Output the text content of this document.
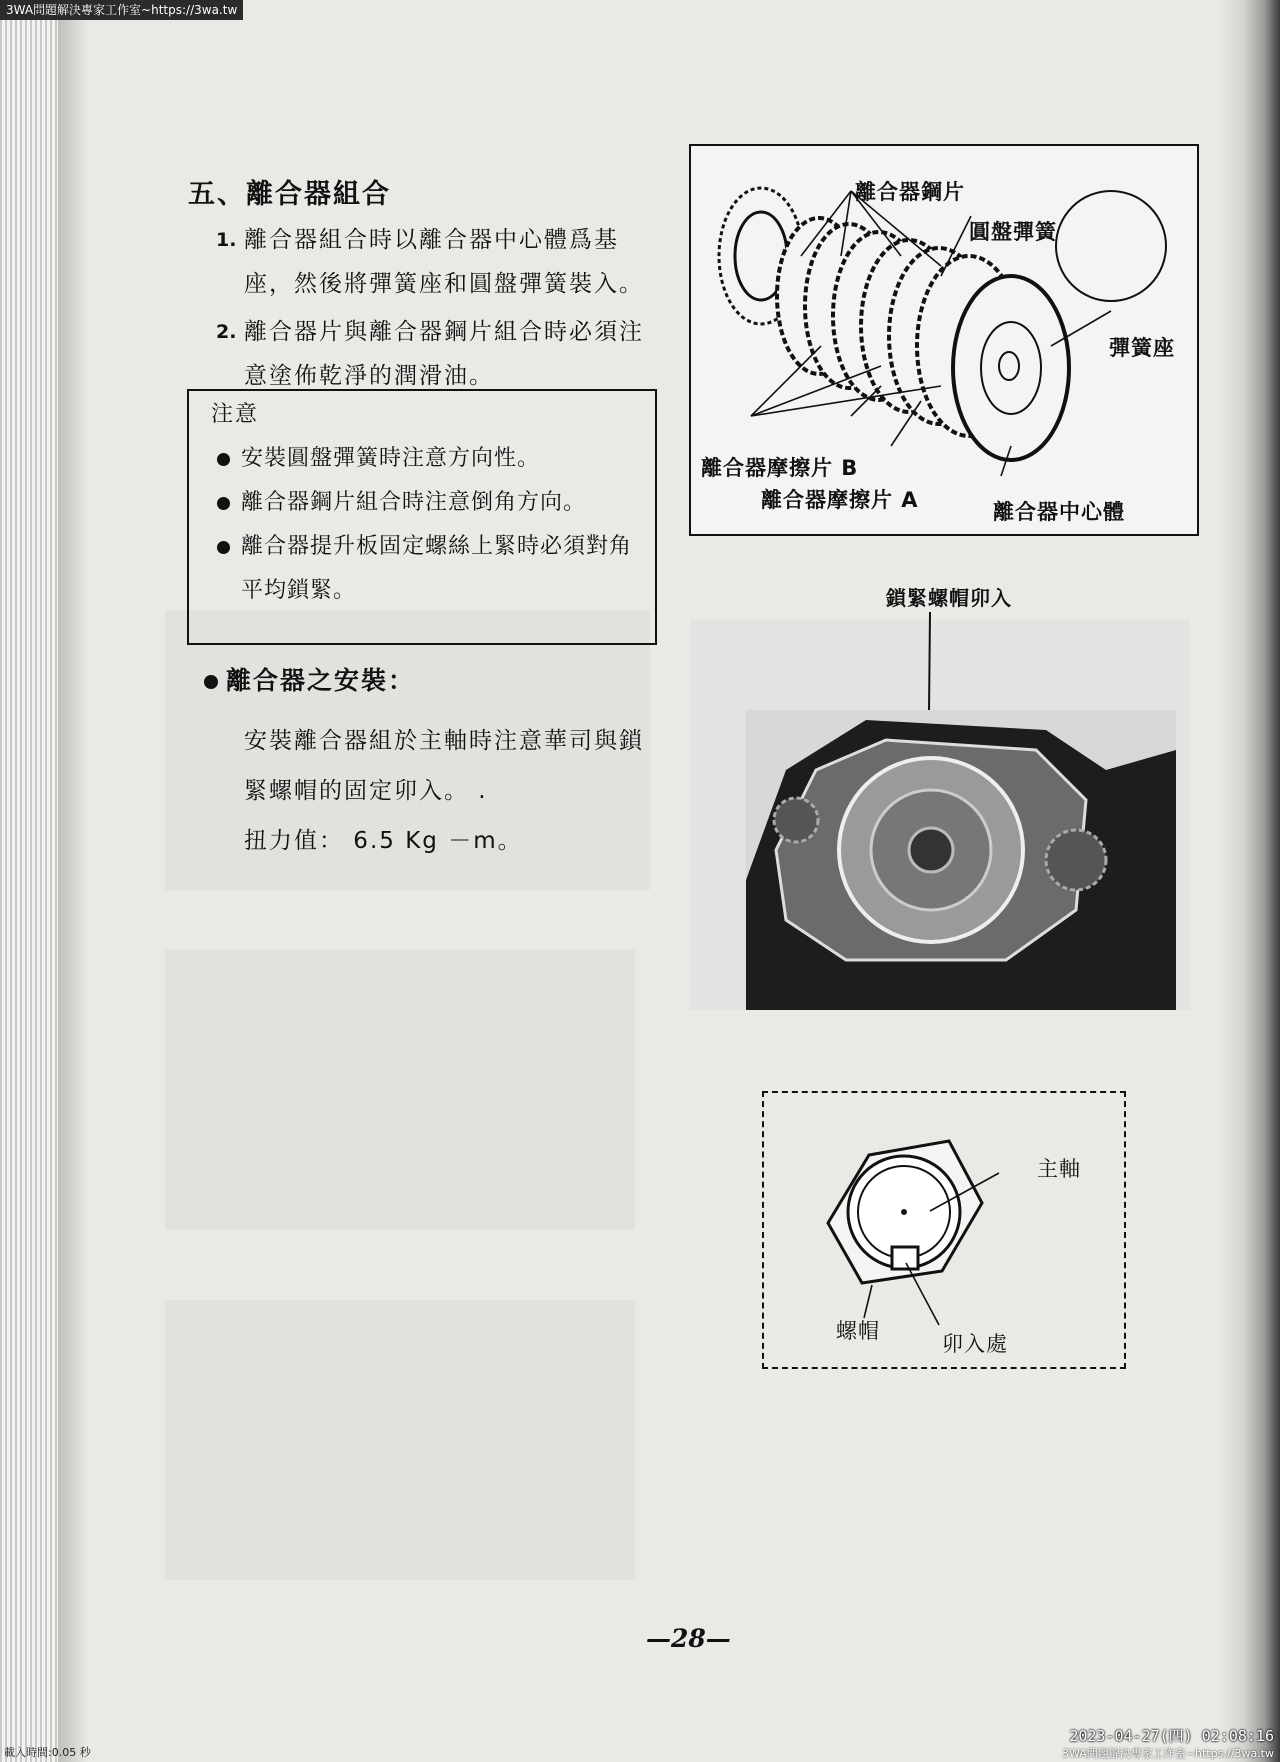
五、離合器組合
1. 離合器組合時以離合器中心體爲基座，然後將彈簧座和圓盤彈簧裝入。
2. 離合器片與離合器鋼片組合時必須注意塗佈乾淨的潤滑油。
注意
安裝圓盤彈簧時注意方向性。
離合器鋼片組合時注意倒角方向。
離合器提升板固定螺絲上緊時必須對角平均鎖緊。
離合器之安裝：
安裝離合器組於主軸時注意華司與鎖緊螺帽的固定卯入。 .
扭力值： 6.5 Kg －m。
離合器鋼片
圓盤彈簧
彈簧座
離合器摩擦片 B
離合器摩擦片 A	離合器中心體
鎖緊螺帽卯入
主軸
螺帽
卯入處
—28—
3WA問題解決專家工作室~https://3wa.tw
2023-04-27(四) 02:08:16
3WA問題解決專家工作室~https://3wa.tw
載入時間:0.05 秒
